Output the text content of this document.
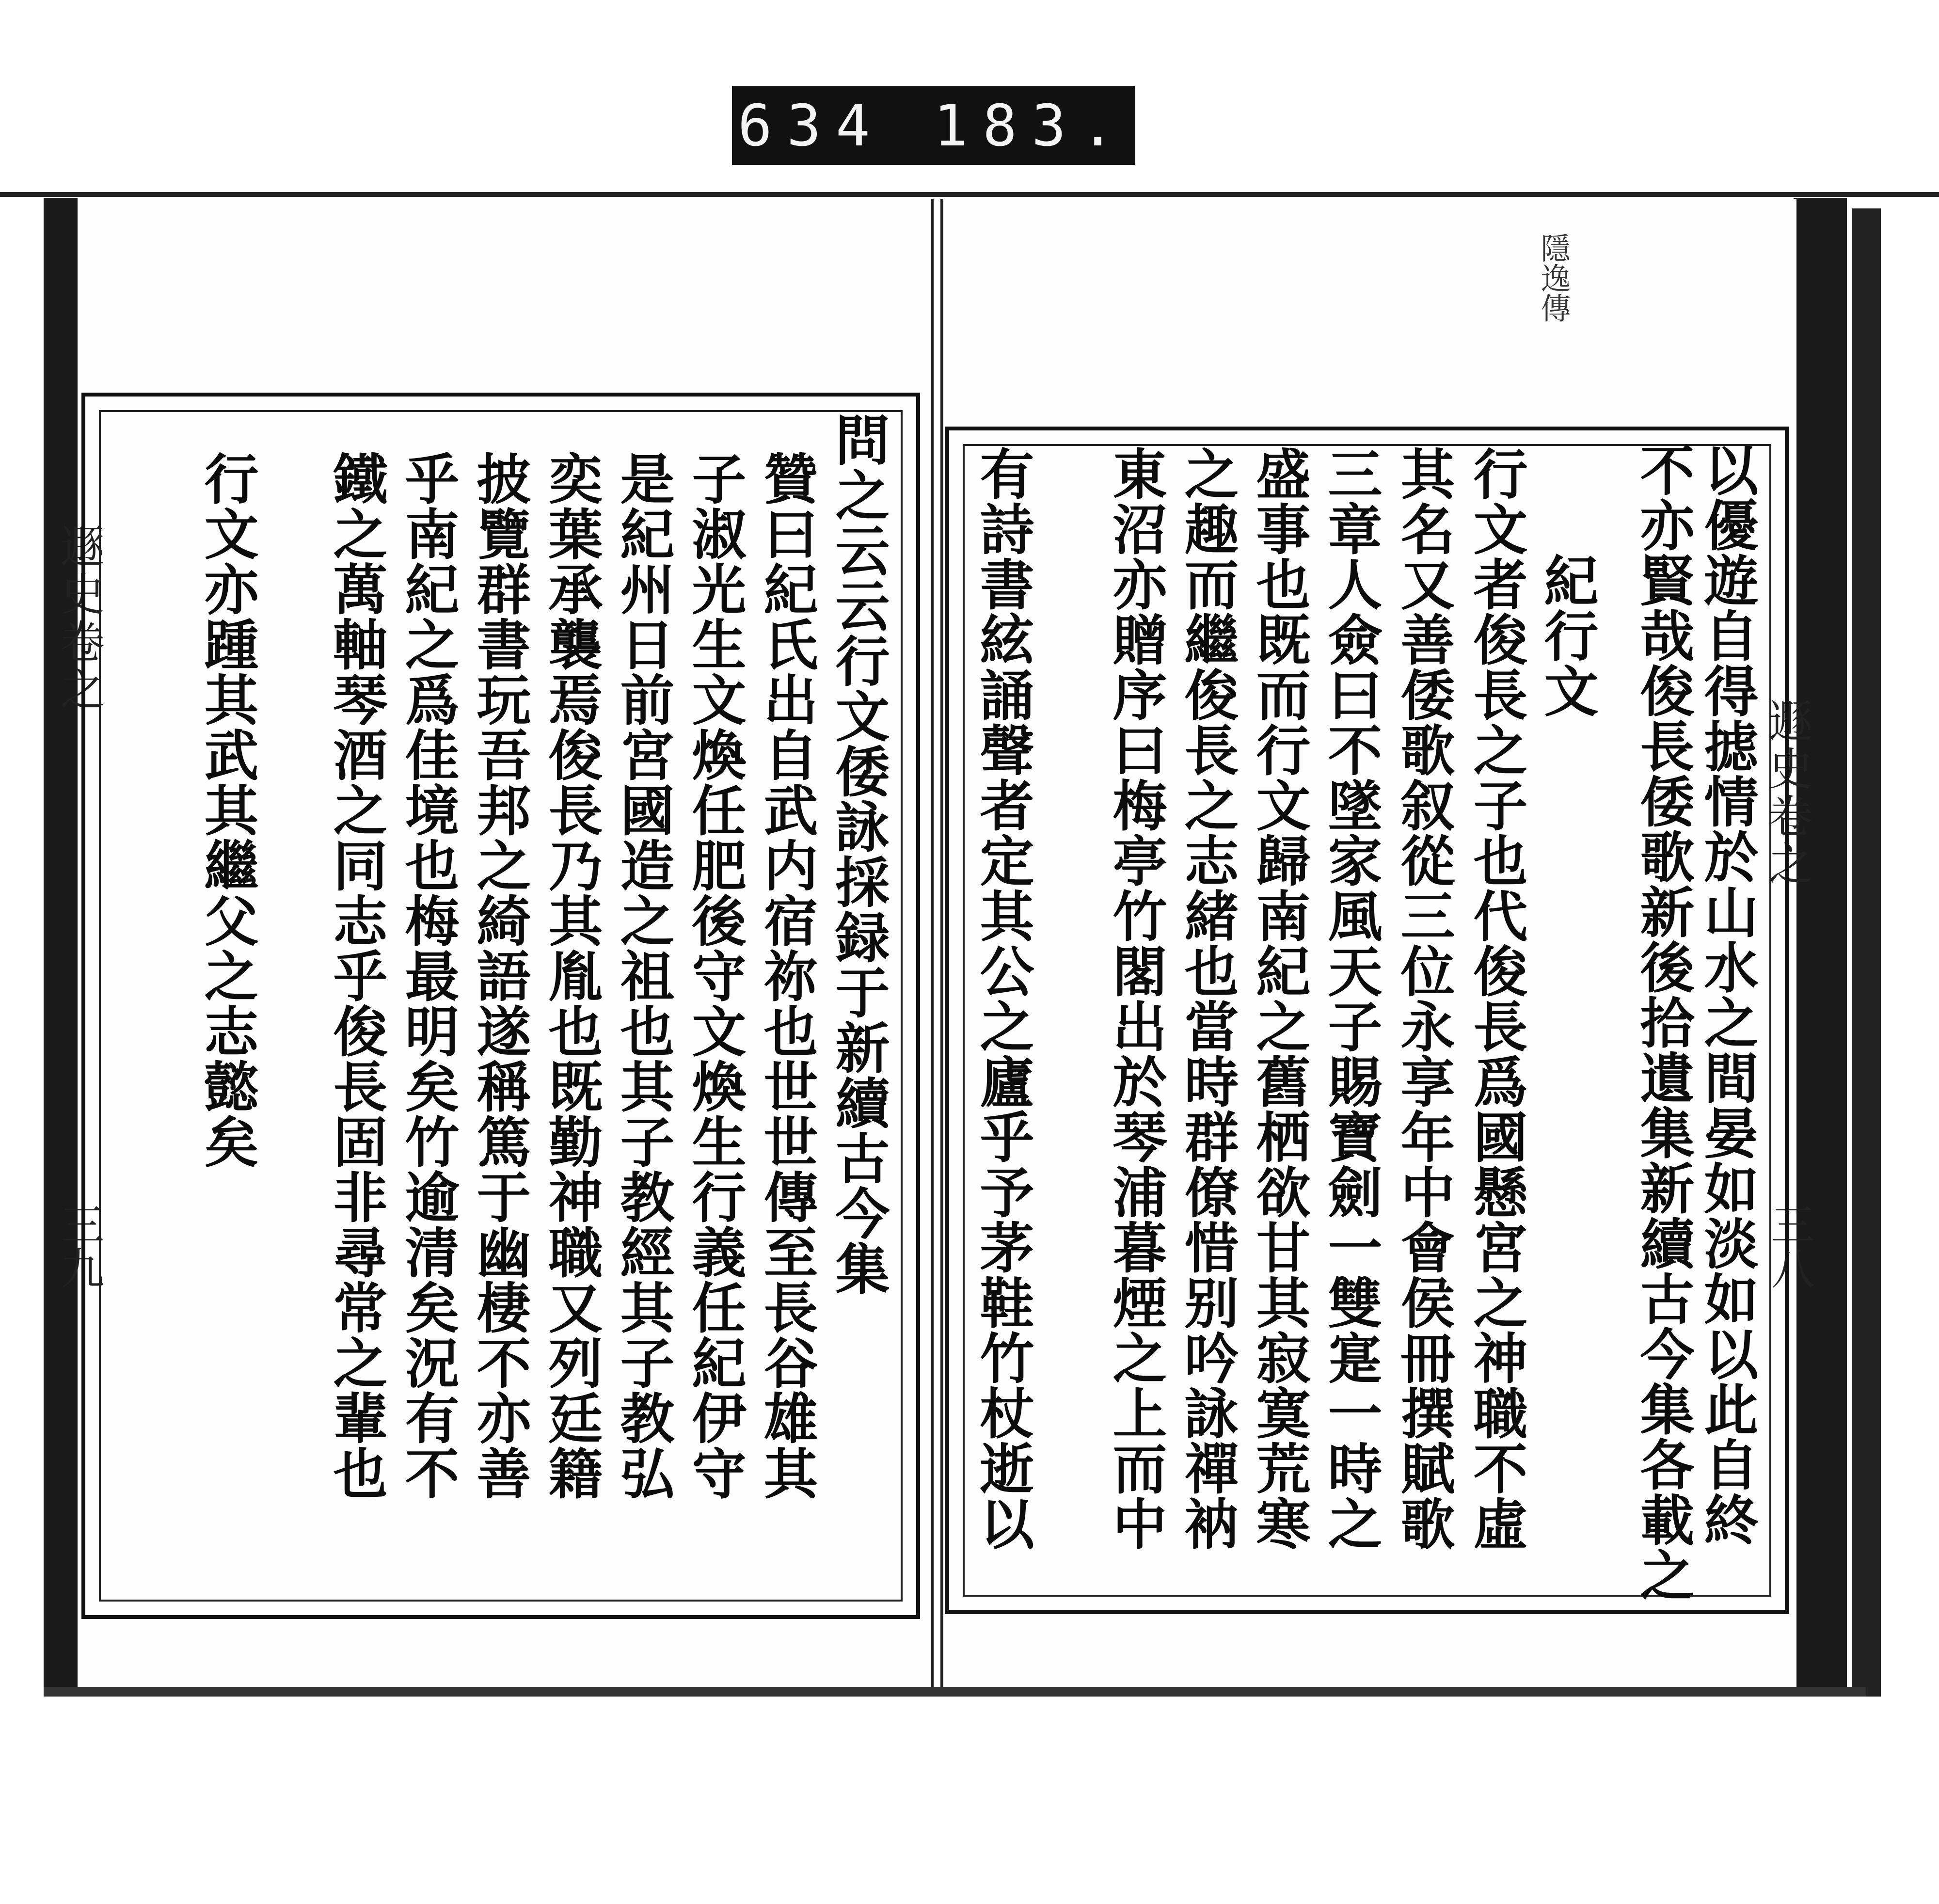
634 183.
遯史卷之
三八
隱逸傳
以優遊自得摅情於山水之間晏如淡如以此自終
不亦賢哉俊長倭歌新後拾遺集新續古今集各載之
紀行文
行文者俊長之子也代俊長爲國懸宮之神職不虛
其名又善倭歌叙從三位永享年中會侯冊撰賦歌
三章人僉曰不墜家風天子賜寶劍一雙寔一時之
盛事也既而行文歸南紀之舊栖欲甘其寂寞荒寒
之趣而繼俊長之志緒也當時群僚惜别吟詠禪衲
東沼亦贈序曰梅亭竹閣出於琴浦暮煙之上而中
有詩書絃誦聲者定其公之廬乎予茅鞋竹杖逝以
遯史卷之
三九	問之云云行文倭詠採録于新續古今集
贊曰紀氏出自武内宿祢也世世傳至長谷雄其
子淑光生文煥任肥後守文煥生行義任紀伊守
是紀州日前宮國造之祖也其子教經其子教弘
奕葉承襲焉俊長乃其胤也既勤神職又列廷籍
披覽群書玩吾邦之綺語遂稱篤于幽棲不亦善
乎南紀之爲佳境也梅最明矣竹逾清矣況有不
鐵之萬軸琴酒之同志乎俊長固非尋常之輩也
行文亦踵其武其繼父之志懿矣
